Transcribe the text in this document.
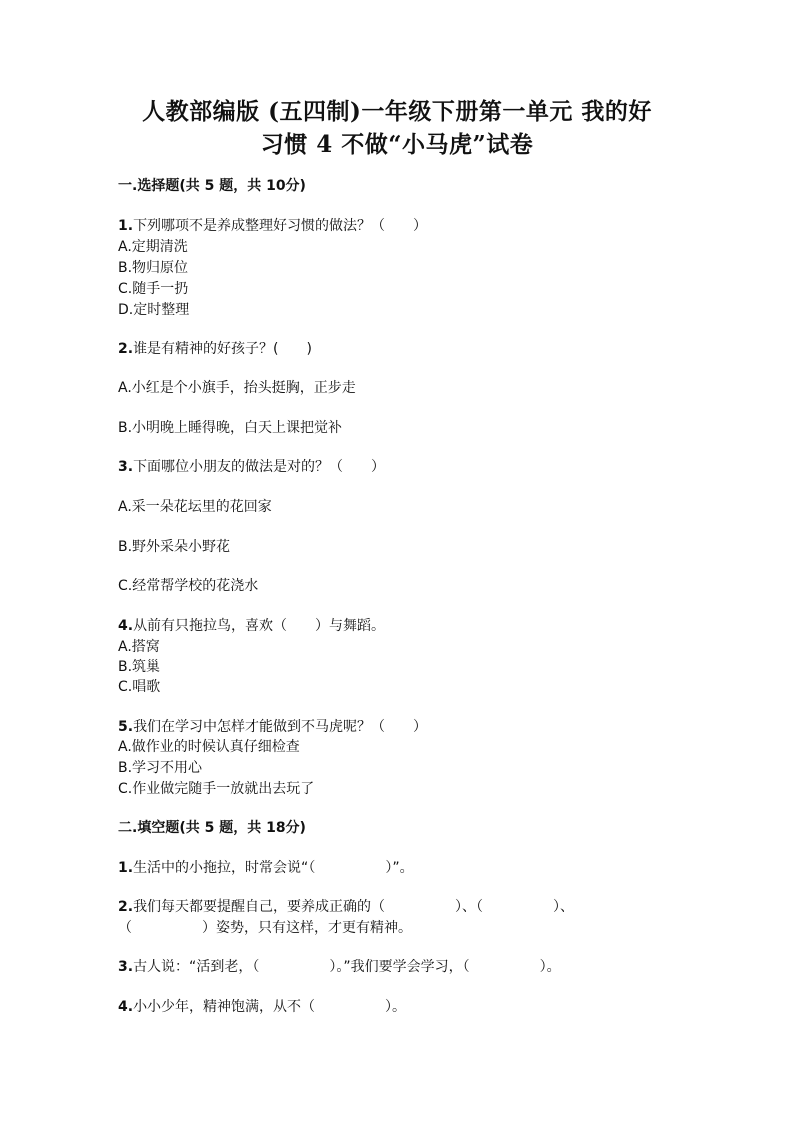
人教部编版 (五四制)一年级下册第一单元 我的好
习惯 4 不做“小马虎”试卷
一.选择题(共 5 题，共 10分)
1.下列哪项不是养成整理好习惯的做法？（　　）
A.定期清洗
B.物归原位
C.随手一扔
D.定时整理
2.谁是有精神的好孩子？(　　)
A.小红是个小旗手，抬头挺胸，正步走
B.小明晚上睡得晚，白天上课把觉补
3.下面哪位小朋友的做法是对的？（　　）
A.采一朵花坛里的花回家
B.野外采朵小野花
C.经常帮学校的花浇水
4.从前有只拖拉鸟，喜欢（　　）与舞蹈。
A.搭窝
B.筑巢
C.唱歌
5.我们在学习中怎样才能做到不马虎呢？（　　）
A.做作业的时候认真仔细检查
B.学习不用心
C.作业做完随手一放就出去玩了
二.填空题(共 5 题，共 18分)
1.生活中的小拖拉，时常会说“（　　　　　）”。
2.我们每天都要提醒自己，要养成正确的（　　　　　）、（　　　　　）、
（　　　　　）姿势，只有这样，才更有精神。
3.古人说：“活到老，（　　　　　）。”我们要学会学习，（　　　　　）。
4.小小少年，精神饱满，从不（　　　　　）。
